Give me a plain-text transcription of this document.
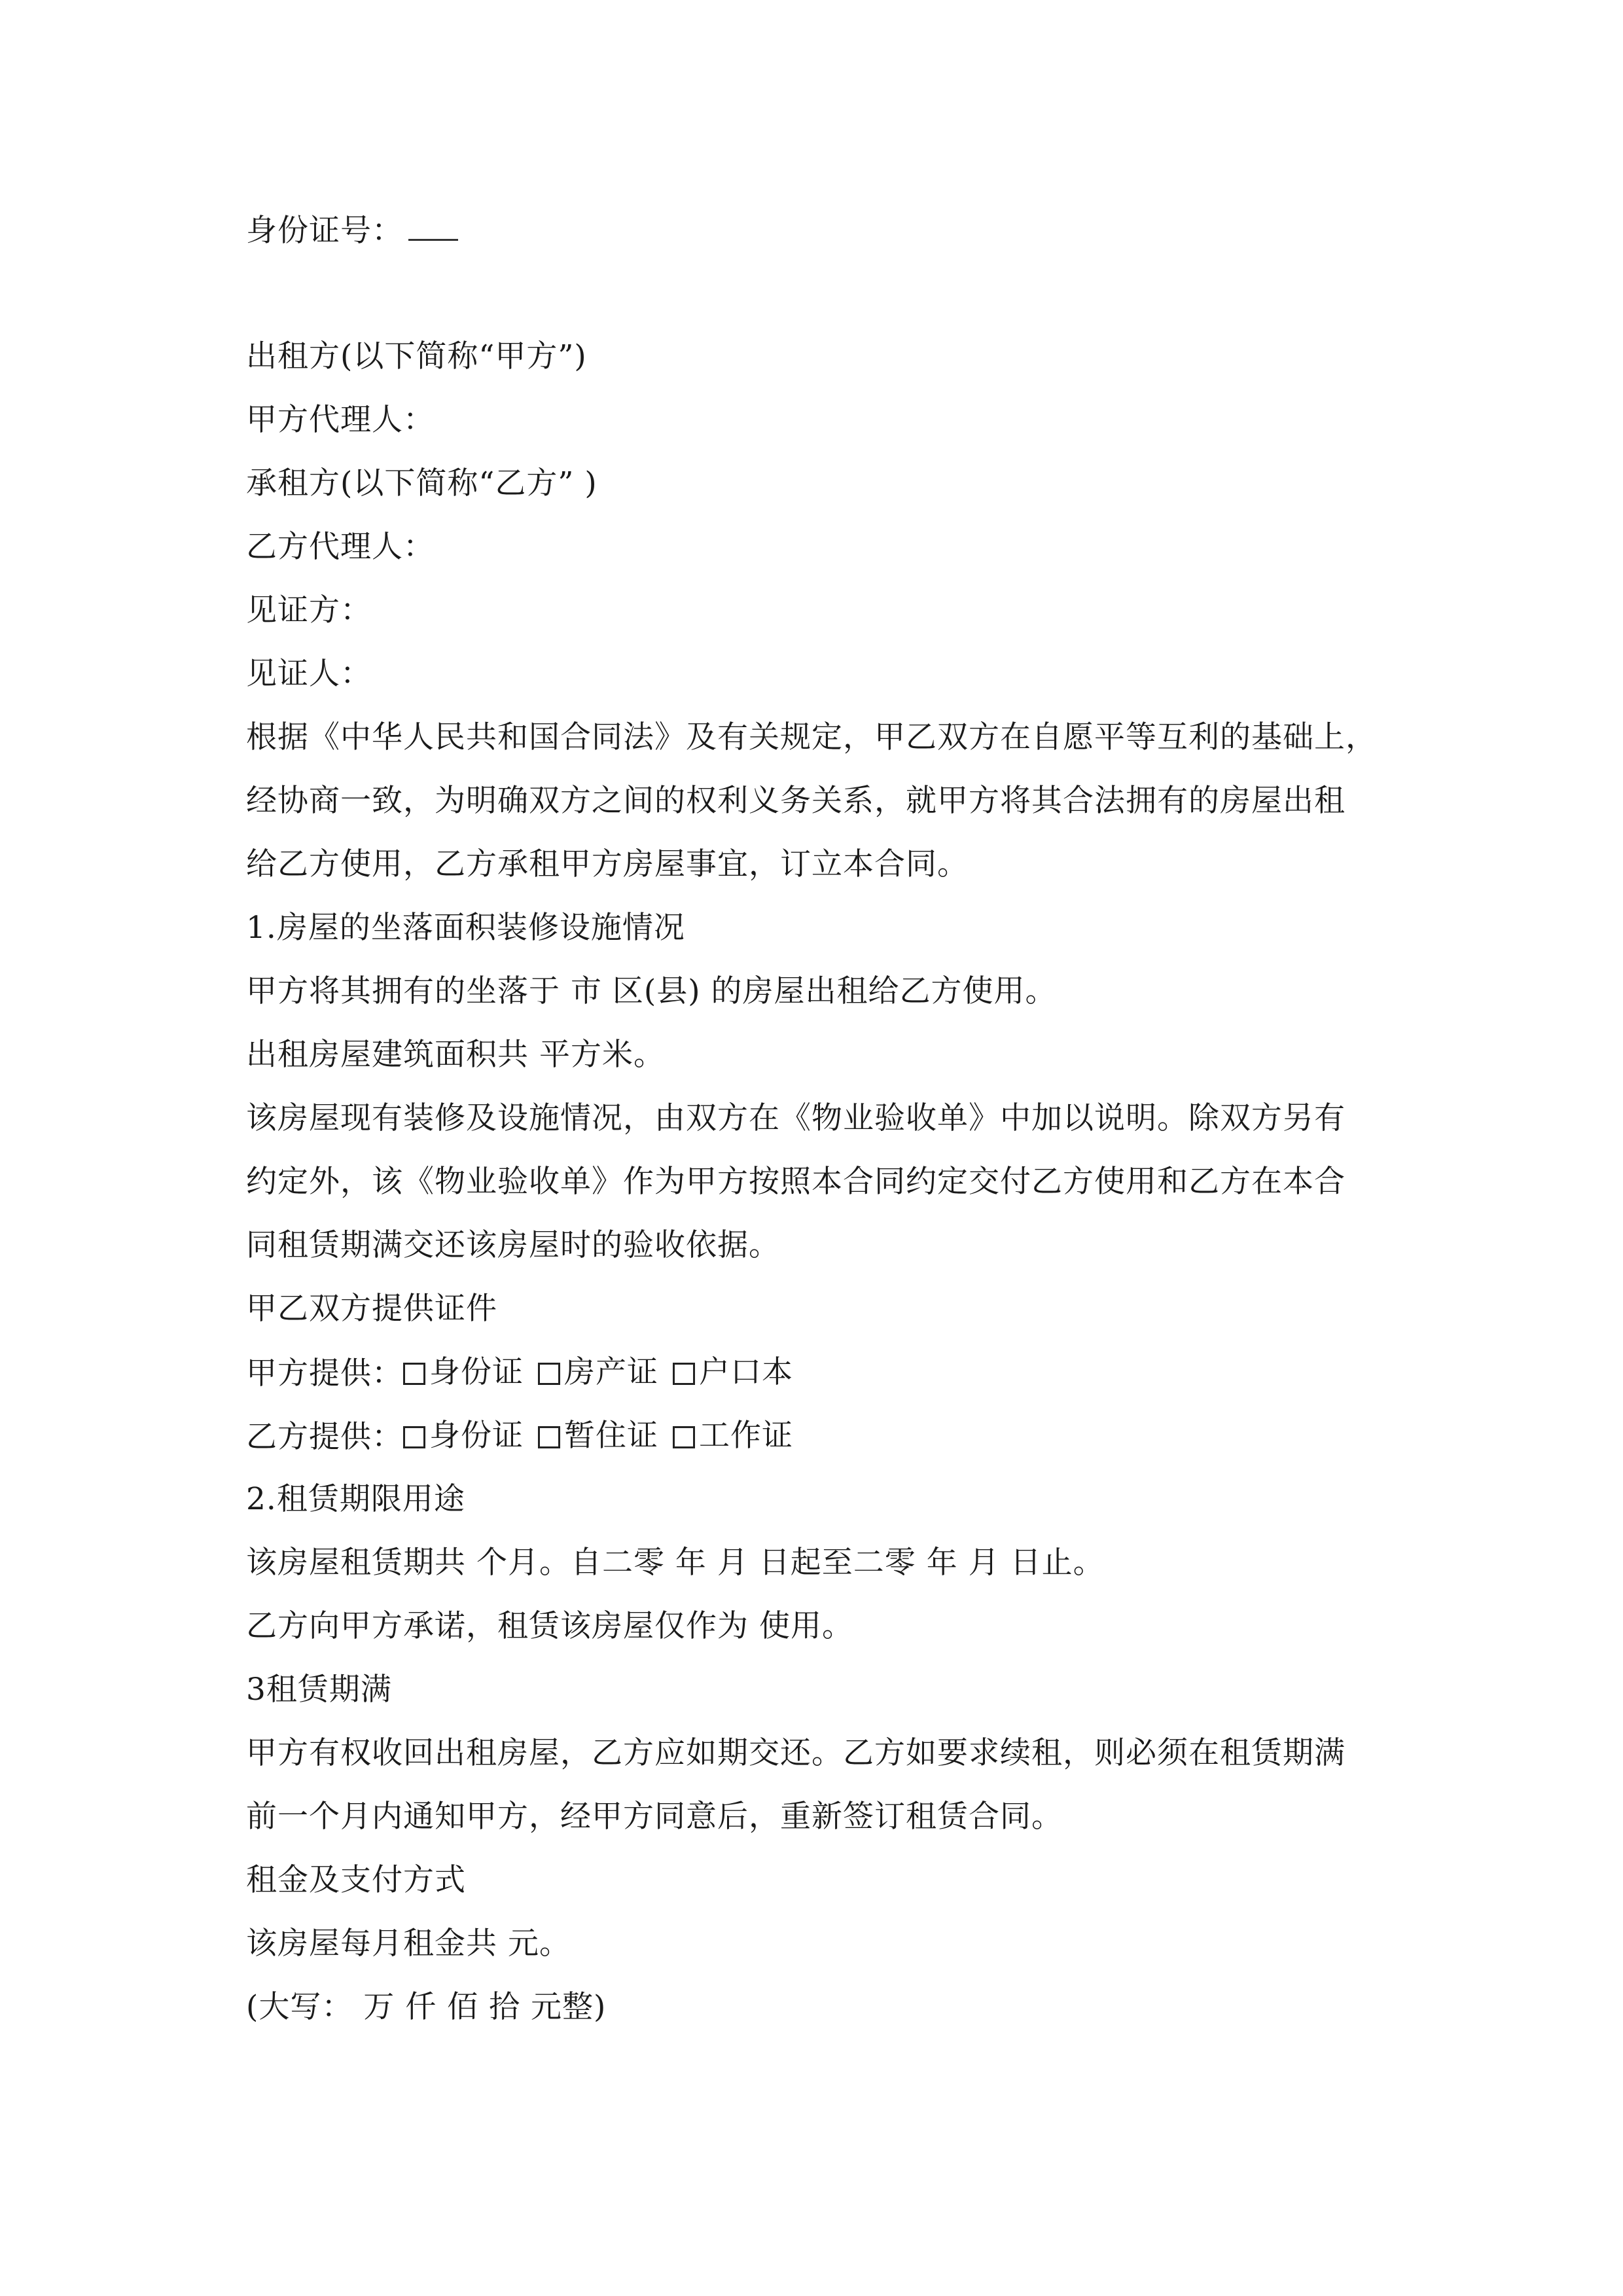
身份证号：
出租方(以下简称“甲方”)
甲方代理人：
承租方(以下简称“乙方” )
乙方代理人：
见证方：
见证人：
根据《中华人民共和国合同法》及有关规定，甲乙双方在自愿平等互利的基础上，
经协商一致，为明确双方之间的权利义务关系，就甲方将其合法拥有的房屋出租
给乙方使用，乙方承租甲方房屋事宜，订立本合同。
1.房屋的坐落面积装修设施情况
甲方将其拥有的坐落于 市 区(县) 的房屋出租给乙方使用。
出租房屋建筑面积共 平方米。
该房屋现有装修及设施情况，由双方在《物业验收单》中加以说明。除双方另有
约定外，该《物业验收单》作为甲方按照本合同约定交付乙方使用和乙方在本合
同租赁期满交还该房屋时的验收依据。
甲乙双方提供证件
甲方提供： 身份证 房产证 户口本
乙方提供： 身份证 暂住证 工作证
2.租赁期限用途
该房屋租赁期共 个月。自二零 年 月 日起至二零 年 月 日止。
乙方向甲方承诺，租赁该房屋仅作为 使用。
3租赁期满
甲方有权收回出租房屋，乙方应如期交还。乙方如要求续租，则必须在租赁期满
前一个月内通知甲方，经甲方同意后，重新签订租赁合同。
租金及支付方式
该房屋每月租金共 元。
(大写： 万 仟 佰 拾 元整)
